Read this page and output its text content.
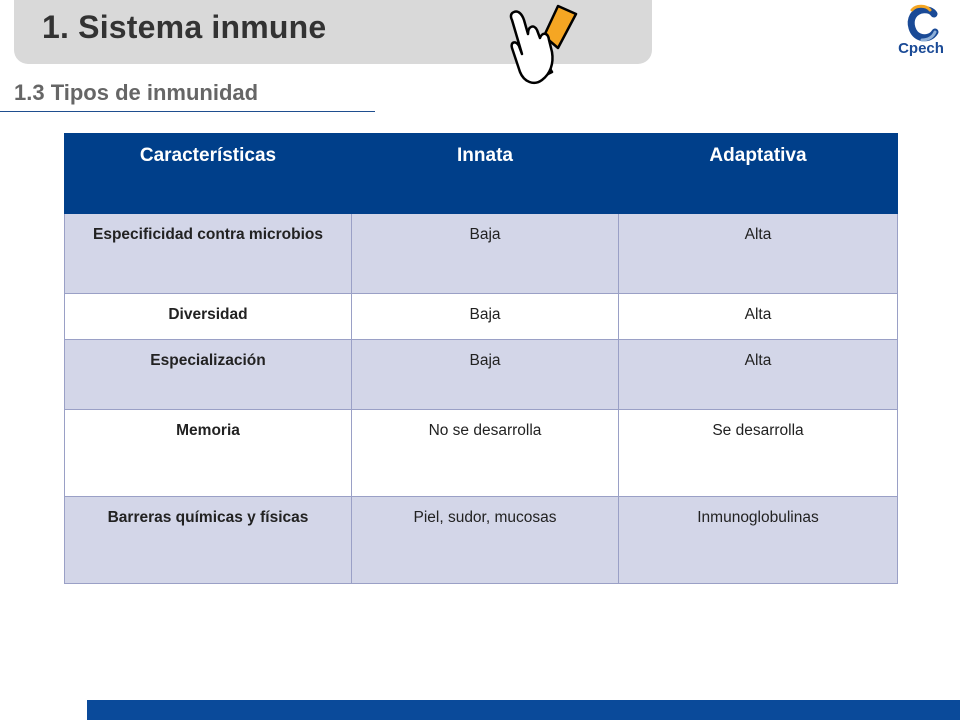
1. Sistema inmune
Cpech
1.3 Tipos de inmunidad
Características	Innata	Adaptativa
Especificidad contra microbios	Baja	Alta
Diversidad	Baja	Alta
Especialización	Baja	Alta
Memoria	No se desarrolla	Se desarrolla
Barreras químicas y físicas	Piel, sudor, mucosas	Inmunoglobulinas
